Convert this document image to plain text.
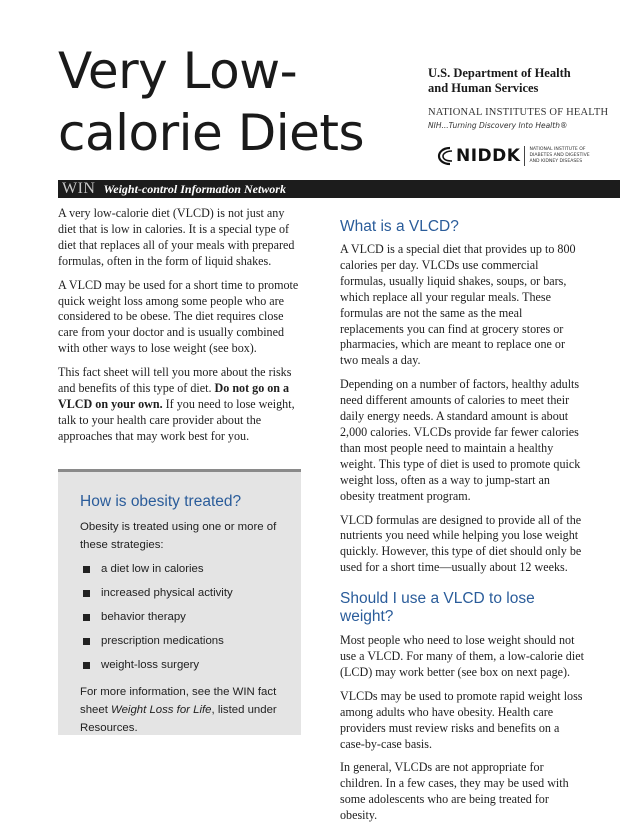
Very Low-
calorie Diets
U.S. Department of Health
and Human Services
NATIONAL INSTITUTES OF HEALTH
NIH...Turning Discovery Into Health®
NIDDK	NATIONAL INSTITUTE OF
DIABETES AND DIGESTIVE
AND KIDNEY DISEASES
WIN Weight-control Information Network

A very low-calorie diet (VLCD) is not just any diet that is low in calories. It is a special type of diet that replaces all of your meals with prepared formulas, often in the form of liquid shakes.

A VLCD may be used for a short time to promote quick weight loss among some people who are considered to be obese. The diet requires close care from your doctor and is usually combined with other ways to lose weight (see box).

This fact sheet will tell you more about the risks and benefits of this type of diet. Do not go on a VLCD on your own. If you need to lose weight, talk to your health care provider about the approaches that may work best for you.

How is obesity treated?

Obesity is treated using one or more of these strategies:

a diet low in calories
increased physical activity
behavior therapy
prescription medications
weight-loss surgery

For more information, see the WIN fact sheet Weight Loss for Life, listed under Resources.

What is a VLCD?

A VLCD is a special diet that provides up to 800 calories per day. VLCDs use commercial formulas, usually liquid shakes, soups, or bars, which replace all your regular meals. These formulas are not the same as the meal replacements you can find at grocery stores or pharmacies, which are meant to replace one or two meals a day.

Depending on a number of factors, healthy adults need different amounts of calories to meet their daily energy needs. A standard amount is about 2,000 calories. VLCDs provide far fewer calories than most people need to maintain a healthy weight. This type of diet is used to promote quick weight loss, often as a way to jump-start an obesity treatment program.

VLCD formulas are designed to provide all of the nutrients you need while helping you lose weight quickly. However, this type of diet should only be used for a short time—usually about 12 weeks.

Should I use a VLCD to lose weight?

Most people who need to lose weight should not use a VLCD. For many of them, a low-calorie diet (LCD) may work better (see box on next page).

VLCDs may be used to promote rapid weight loss among adults who have obesity. Health care providers must review risks and benefits on a case-by-case basis.

In general, VLCDs are not appropriate for children. In a few cases, they may be used with some adolescents who are being treated for obesity.
